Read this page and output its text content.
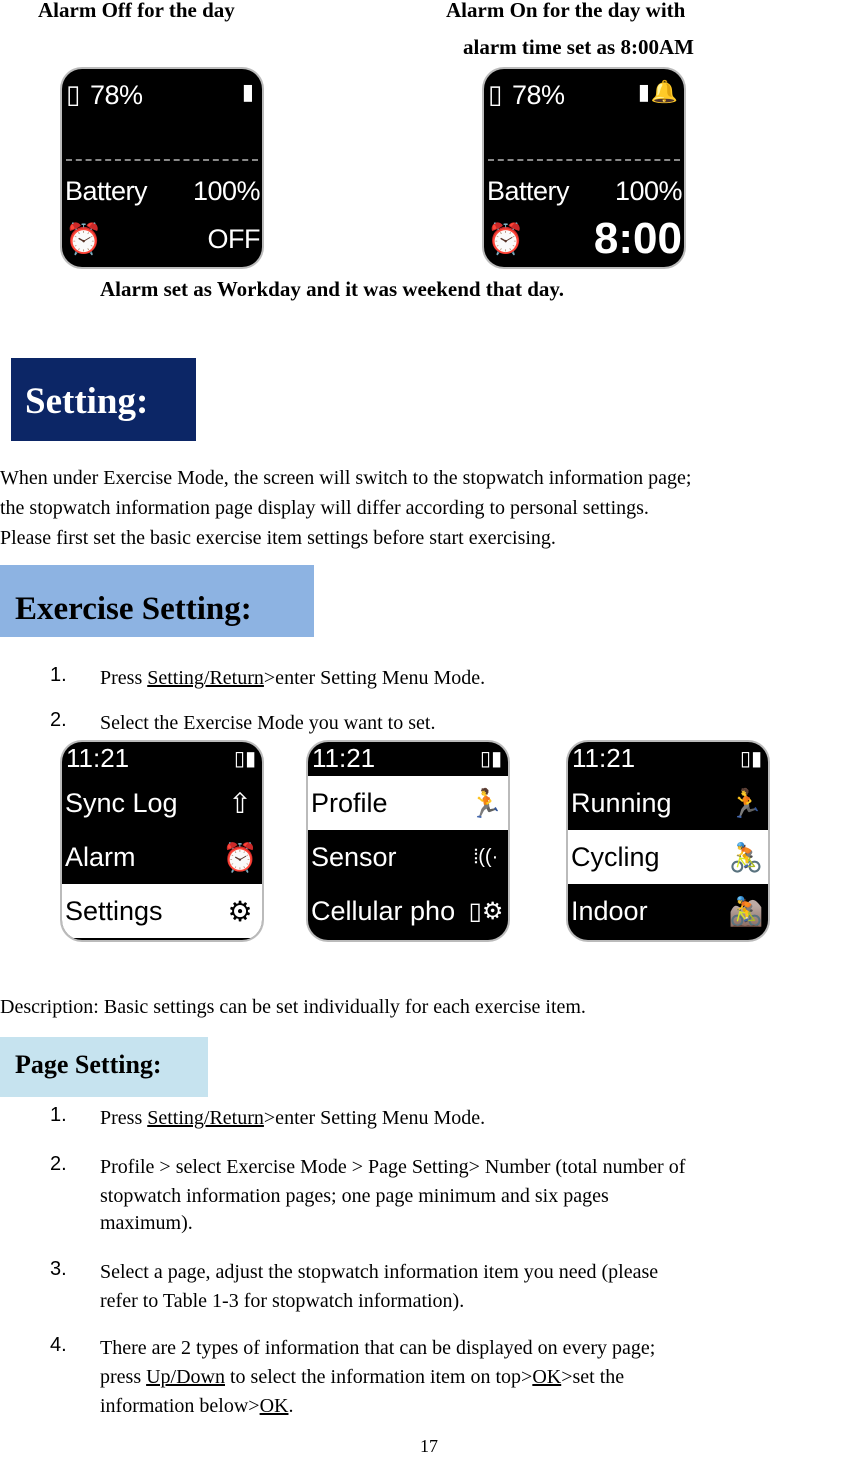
Alarm Off for the day	Alarm On for the day with
alarm time set as 8:00AM
▯ 78%	▮
Battery 100%
⏰	OFF
▯ 78%	▮ 🔔
Battery 100%
⏰ 8:00
Alarm set as Workday and it was weekend that day.
Setting:
When under Exercise Mode, the screen will switch to the stopwatch information page;
the stopwatch information page display will differ according to personal settings.
Please first set the basic exercise item settings before start exercising.
Exercise Setting:
1. Press Setting/Return>enter Setting Menu Mode.
2. Select the Exercise Mode you want to set.
11:21	▯▮
Sync Log ⇧
Alarm	⏰
Settings ⚙
11:21	▯▮
Profile	🏃
Sensor	⦙((·
Cellular pho ▯⚙
11:21	▯▮
Running 🏃
Cycling 🚴
Indoor	🚵
Description: Basic settings can be set individually for each exercise item.
Page Setting:
1. Press Setting/Return>enter Setting Menu Mode.
2. Profile > select Exercise Mode > Page Setting> Number (total number of
stopwatch information pages; one page minimum and six pages
maximum).
3. Select a page, adjust the stopwatch information item you need (please
refer to Table 1-3 for stopwatch information).
4. There are 2 types of information that can be displayed on every page;
press Up/Down to select the information item on top>OK>set the
information below>OK.
17
